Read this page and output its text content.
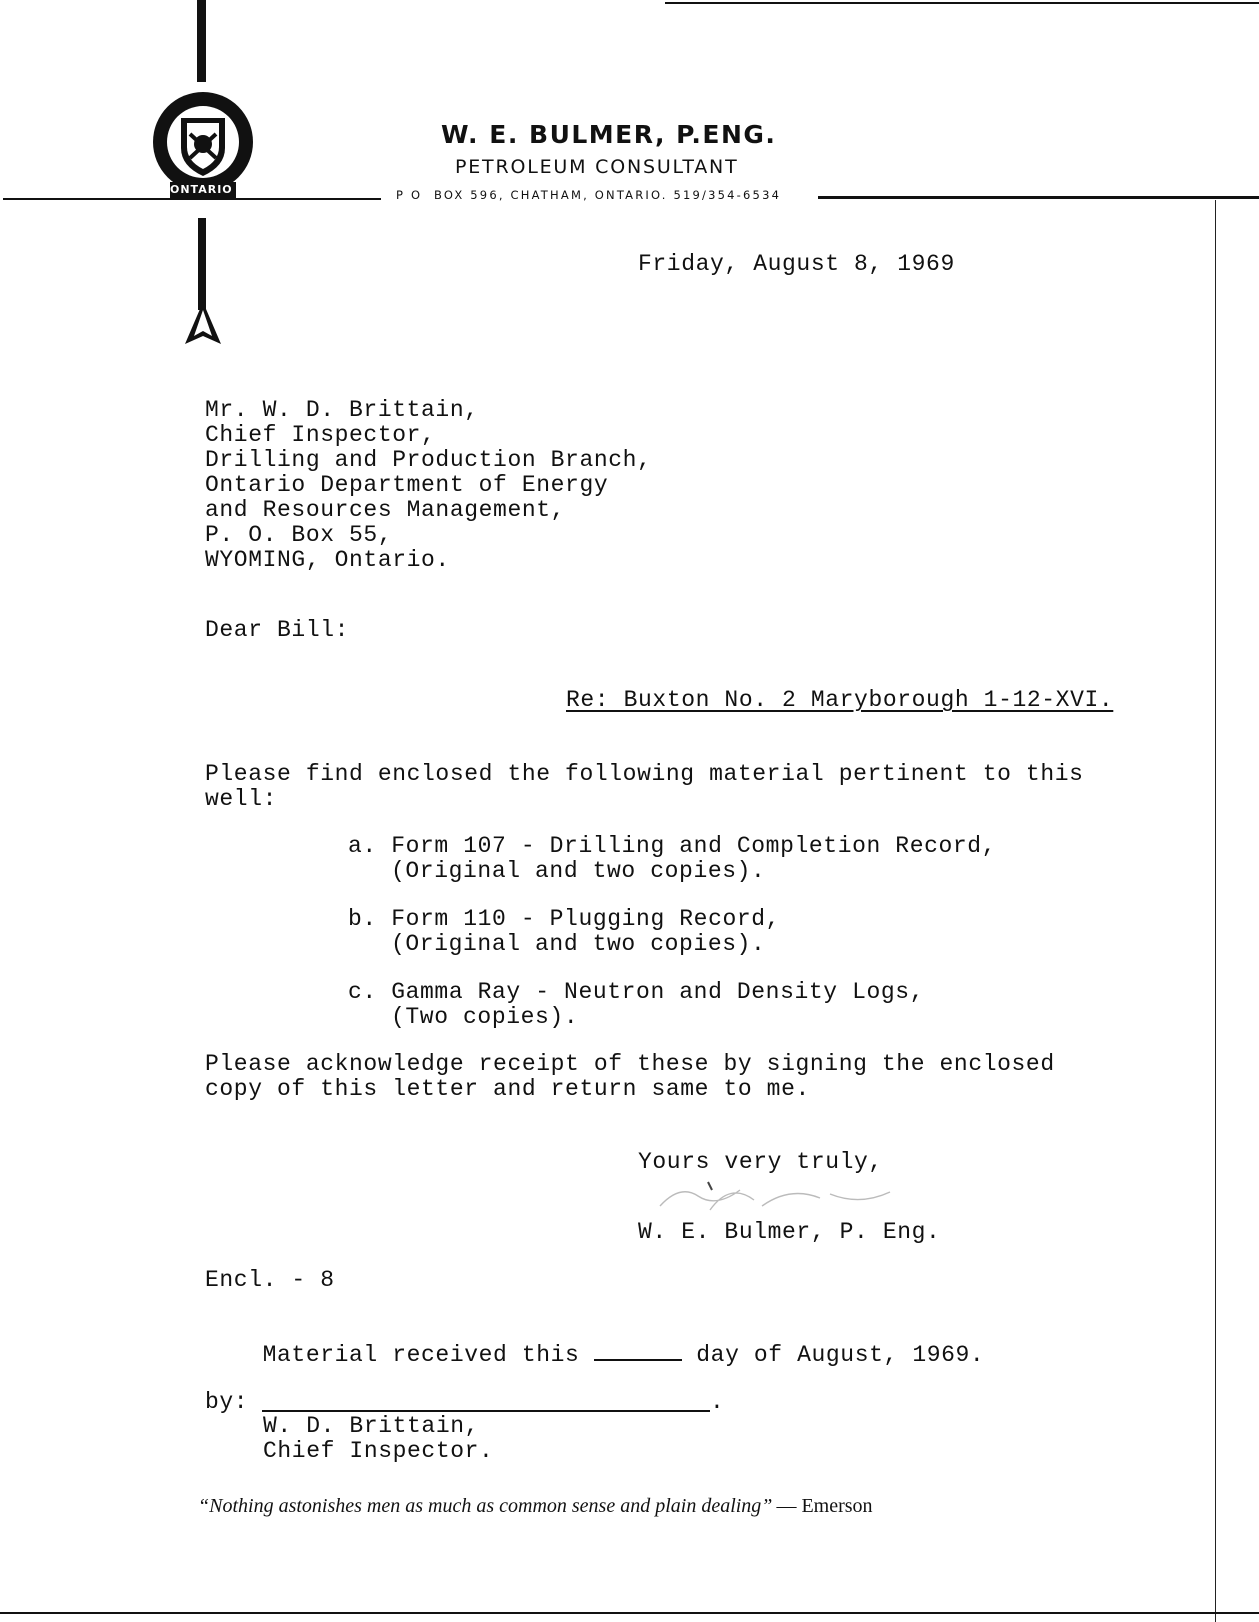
ONTARIO
W. E. BULMER, P.ENG.
PETROLEUM CONSULTANT
P O  BOX 596, CHATHAM, ONTARIO. 519/354-6534
Friday, August 8, 1969
Mr. W. D. Brittain,
Chief Inspector,
Drilling and Production Branch,
Ontario Department of Energy
and Resources Management,
P. O. Box 55,
WYOMING, Ontario.
Dear Bill:
Re: Buxton No. 2 Maryborough 1-12-XVI.
Please find enclosed the following material pertinent to this
well:
a. Form 107 - Drilling and Completion Record,
(Original and two copies).
b. Form 110 - Plugging Record,
(Original and two copies).
c. Gamma Ray - Neutron and Density Logs,
(Two copies).
Please acknowledge receipt of these by signing the enclosed
copy of this letter and return same to me.
Yours very truly,
W. E. Bulmer, P. Eng.
Encl. - 8

Material received this	day of August, 1969.

by:	.
W. D. Brittain,
Chief Inspector.

“Nothing astonishes men as much as common sense and plain dealing” — Emerson
